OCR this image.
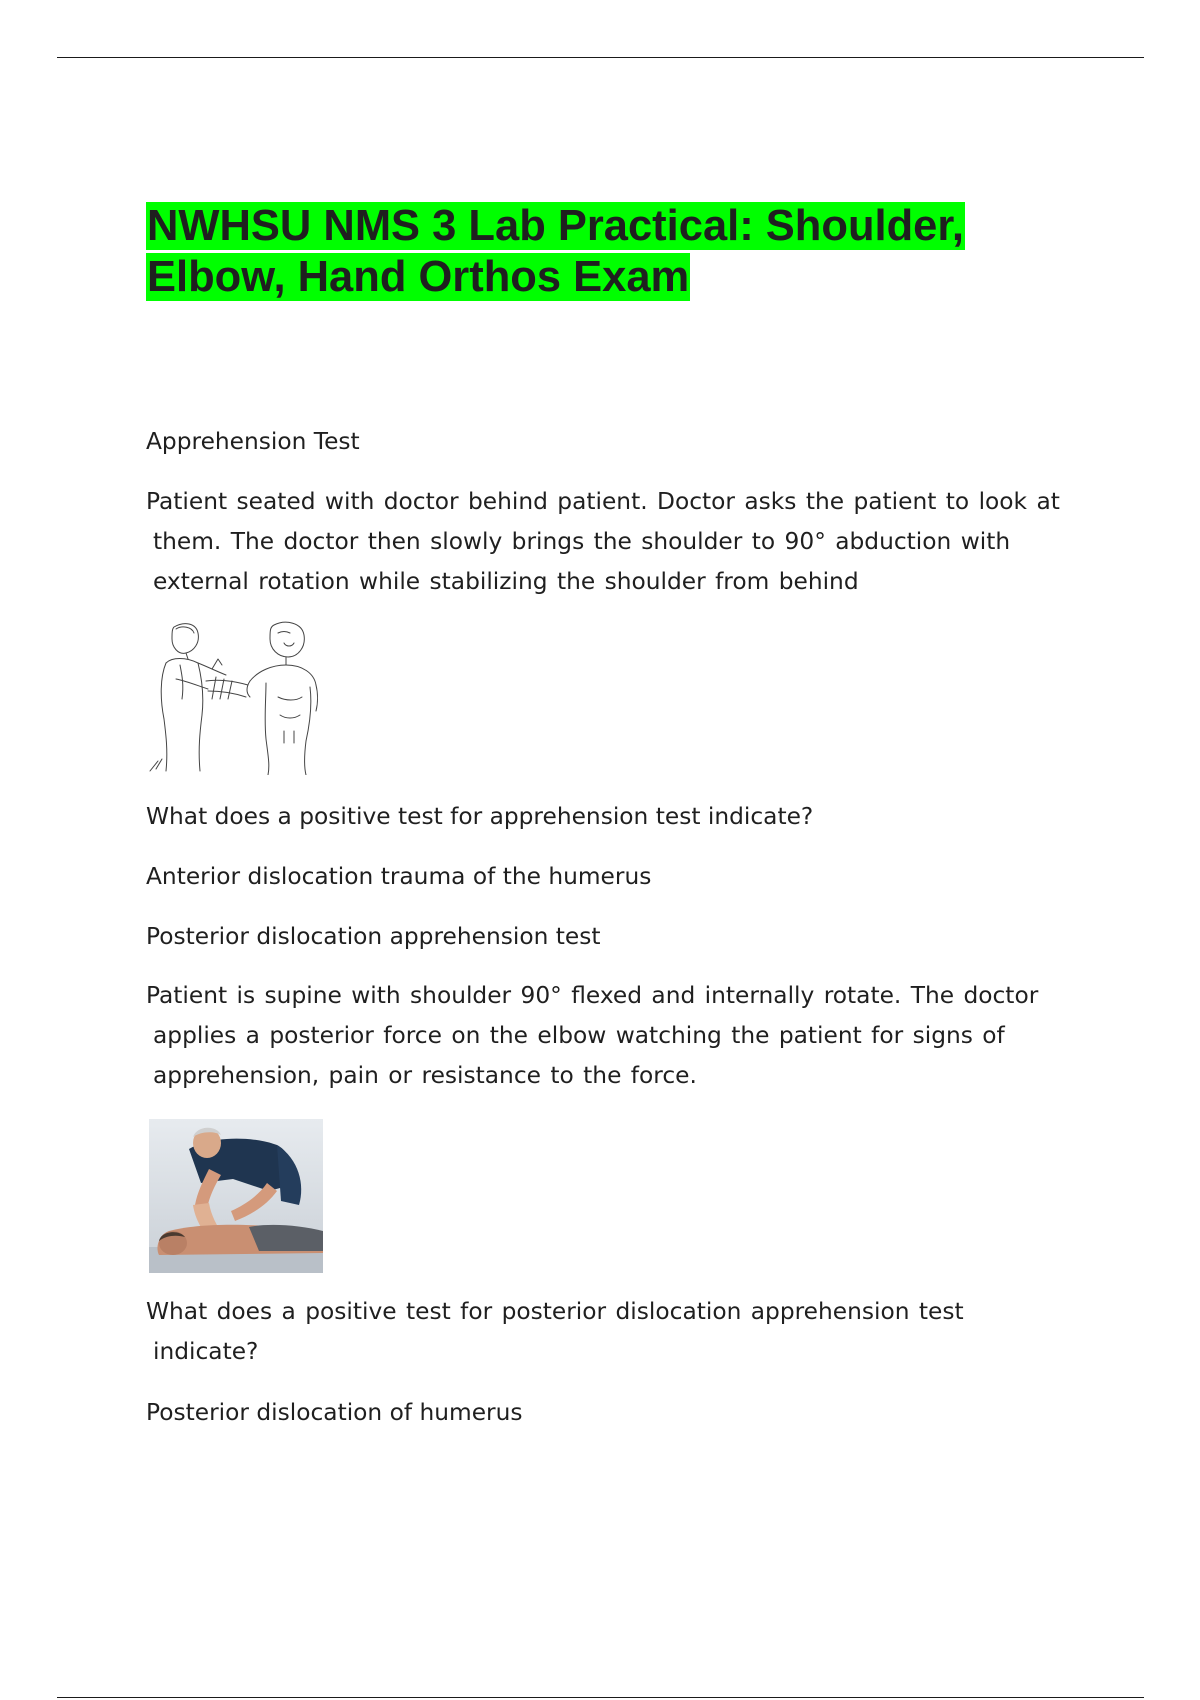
NWHSU NMS 3 Lab Practical: Shoulder, Elbow, Hand Orthos Exam

Apprehension Test

Patient seated with doctor behind patient. Doctor asks the patient to look at
them. The doctor then slowly brings the shoulder to 90° abduction with
external rotation while stabilizing the shoulder from behind

What does a positive test for apprehension test indicate?

Anterior dislocation trauma of the humerus

Posterior dislocation apprehension test

Patient is supine with shoulder 90° flexed and internally rotate. The doctor
applies a posterior force on the elbow watching the patient for signs of
apprehension, pain or resistance to the force.

What does a positive test for posterior dislocation apprehension test
indicate?

Posterior dislocation of humerus
